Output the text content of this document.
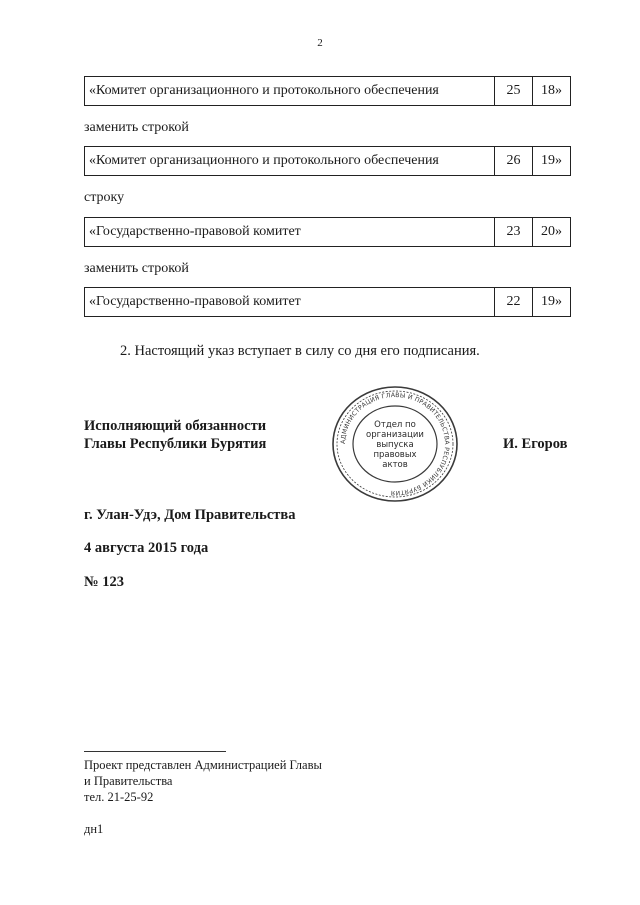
2
«Комитет организационного и протокольного обеспечения	25	18»
заменить строкой
«Комитет организационного и протокольного обеспечения	26	19»
строку
«Государственно-правовой комитет	23	20»
заменить строкой
«Государственно-правовой комитет	22	19»
2. Настоящий указ вступает в силу со дня его подписания.
Исполняющий обязанности
Главы Республики Бурятия	И. Егоров
АДМИНИСТРАЦИЯ ГЛАВЫ И ПРАВИТЕЛЬСТВА РЕСПУБЛИКИ БУРЯТИЯ
Отдел по
организации
выпуска
правовых
актов
г. Улан-Удэ, Дом Правительства
4 августа 2015 года
№ 123
Проект представлен Администрацией Главы
и Правительства
тел. 21-25-92
дн1
